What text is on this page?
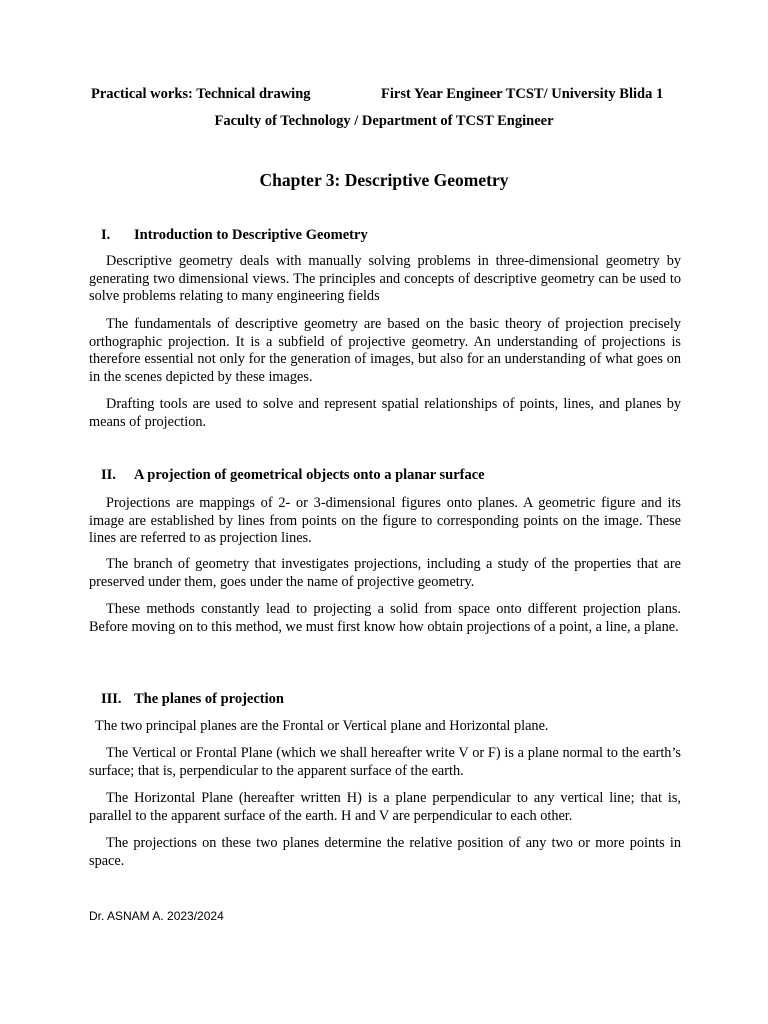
Practical works: Technical drawing	First Year Engineer TCST/ University Blida 1
Faculty of Technology / Department of TCST Engineer
Chapter 3: Descriptive Geometry
I. Introduction to Descriptive Geometry

Descriptive geometry deals with manually solving problems in three-dimensional geometry by generating two dimensional views. The principles and concepts of descriptive geometry can be used to solve problems relating to many engineering fields

The fundamentals of descriptive geometry are based on the basic theory of projection precisely orthographic projection. It is a subfield of projective geometry. An understanding of projections is therefore essential not only for the generation of images, but also for an understanding of what goes on in the scenes depicted by these images.

Drafting tools are used to solve and represent spatial relationships of points, lines, and planes by means of projection.

II. A projection of geometrical objects onto a planar surface

Projections are mappings of 2- or 3-dimensional figures onto planes. A geometric figure and its image are established by lines from points on the figure to corresponding points on the image. These lines are referred to as projection lines.

The branch of geometry that investigates projections, including a study of the properties that are preserved under them, goes under the name of projective geometry.

These methods constantly lead to projecting a solid from space onto different projection plans. Before moving on to this method, we must first know how obtain projections of a point, a line, a plane.

III. The planes of projection

The two principal planes are the Frontal or Vertical plane and Horizontal plane.

The Vertical or Frontal Plane (which we shall hereafter write V or F) is a plane normal to the earth’s surface; that is, perpendicular to the apparent surface of the earth.

The Horizontal Plane (hereafter written H) is a plane perpendicular to any vertical line; that is, parallel to the apparent surface of the earth. H and V are perpendicular to each other.

The projections on these two planes determine the relative position of any two or more points in space.

Dr. ASNAM A. 2023/2024
